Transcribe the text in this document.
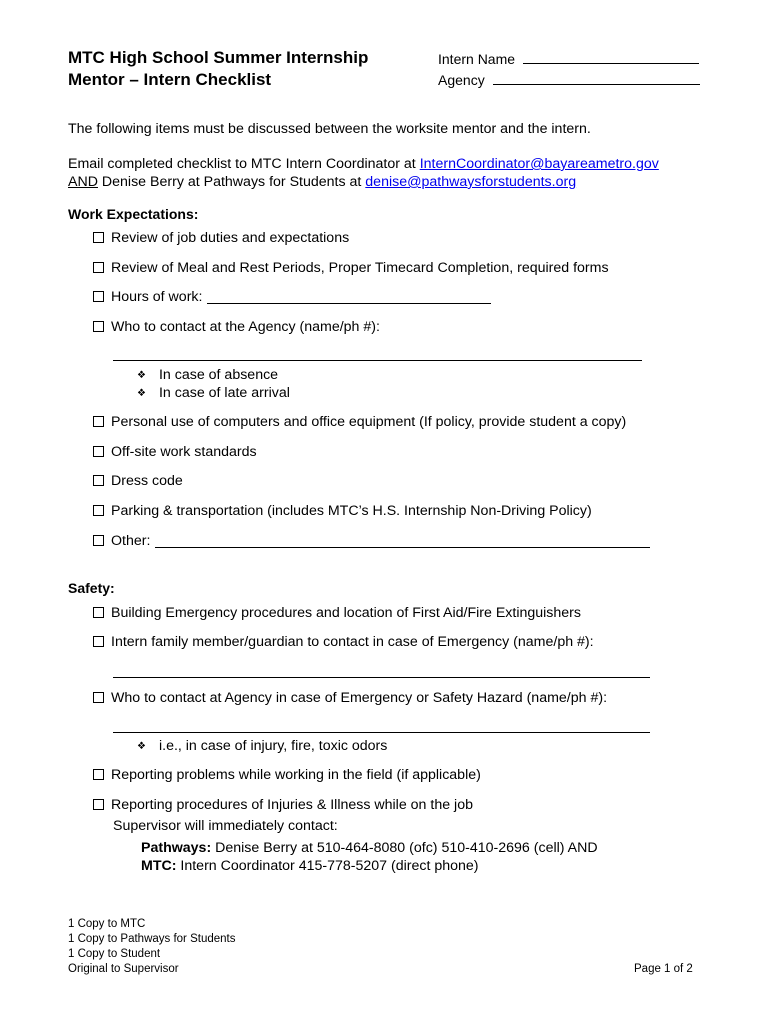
MTC High School Summer Internship
Mentor – Intern Checklist
Intern Name
Agency
The following items must be discussed between the worksite mentor and the intern.
Email completed checklist to MTC Intern Coordinator at InternCoordinator@bayareametro.gov
AND Denise Berry at Pathways for Students at denise@pathwaysforstudents.org
Work Expectations:
Review of job duties and expectations
Review of Meal and Rest Periods, Proper Timecard Completion, required forms
Hours of work:
Who to contact at the Agency (name/ph #):
❖ In case of absence
❖ In case of late arrival
Personal use of computers and office equipment (If policy, provide student a copy)
Off-site work standards
Dress code
Parking & transportation (includes MTC’s H.S. Internship Non-Driving Policy)
Other:
Safety:
Building Emergency procedures and location of First Aid/Fire Extinguishers
Intern family member/guardian to contact in case of Emergency (name/ph #):
Who to contact at Agency in case of Emergency or Safety Hazard (name/ph #):
❖ i.e., in case of injury, fire, toxic odors
Reporting problems while working in the field (if applicable)
Reporting procedures of Injuries & Illness while on the job
Supervisor will immediately contact:
Pathways: Denise Berry at 510-464-8080 (ofc) 510-410-2696 (cell) AND
MTC: Intern Coordinator 415-778-5207 (direct phone)
1 Copy to MTC
1 Copy to Pathways for Students
1 Copy to Student
Original to Supervisor	Page 1 of 2
